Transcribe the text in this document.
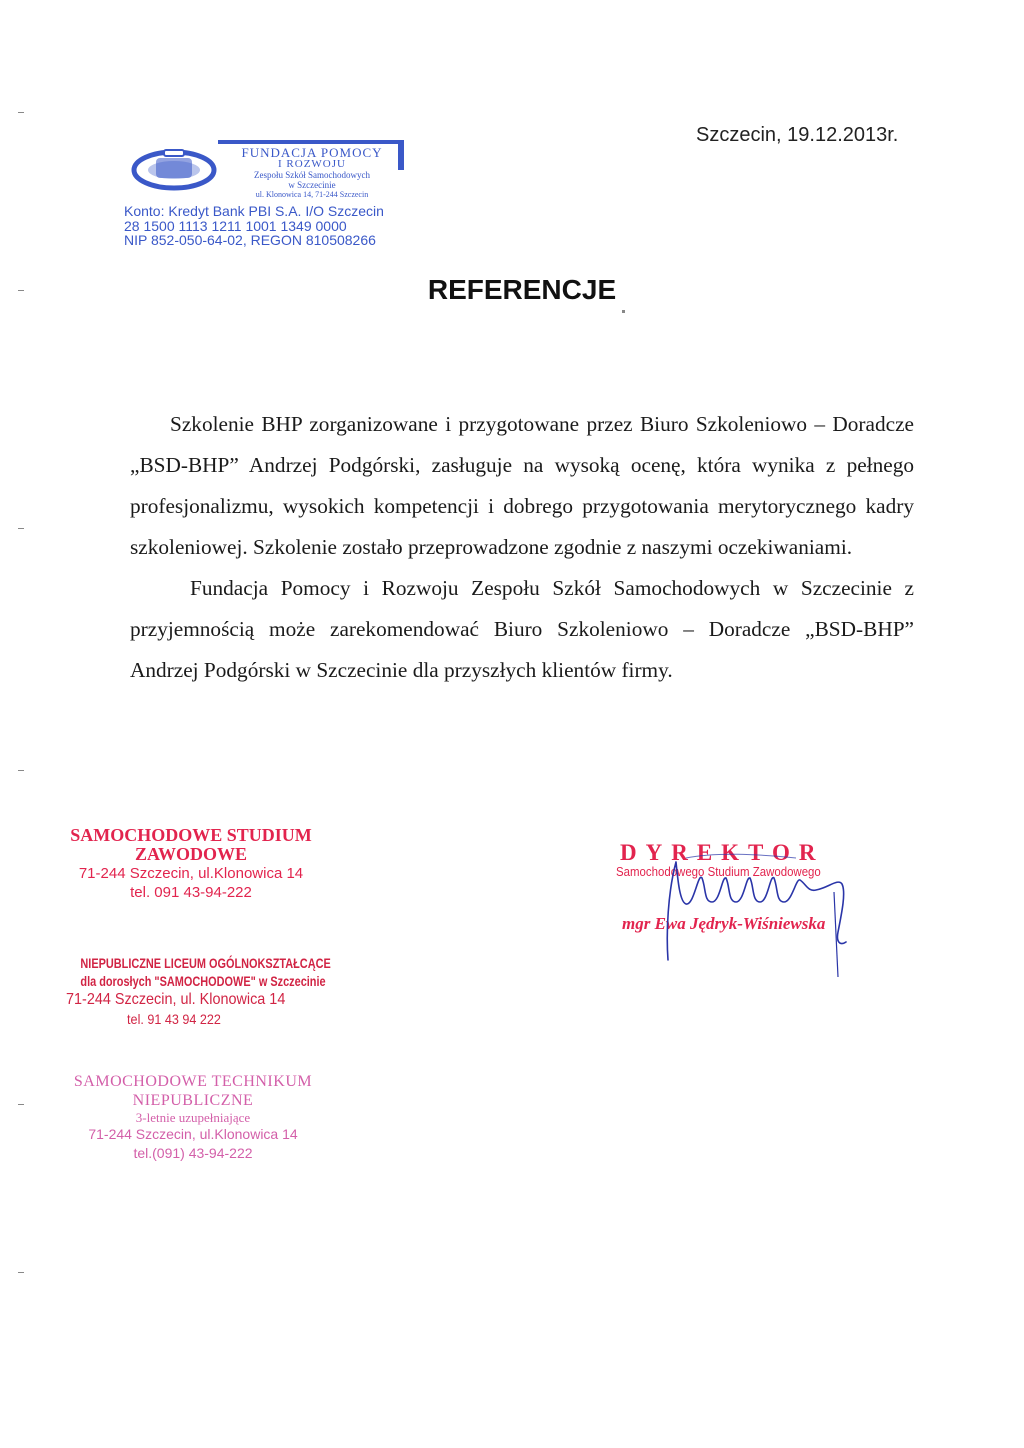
Szczecin, 19.12.2013r.
FUNDACJA POMOCY
I ROZWOJU
Zespołu Szkół Samochodowych
w Szczecinie
ul. Klonowica 14, 71-244 Szczecin
Konto: Kredyt Bank PBI S.A. I/O Szczecin
28 1500 1113 1211 1001 1349 0000
NIP 852-050-64-02, REGON 810508266
REFERENCJE

Szkolenie BHP zorganizowane i przygotowane przez Biuro Szkoleniowo – Doradcze „BSD-BHP” Andrzej Podgórski, zasługuje na wysoką ocenę, która wynika z pełnego profesjonalizmu, wysokich kompetencji i dobrego przygotowania merytorycznego kadry szkoleniowej. Szkolenie zostało przeprowadzone zgodnie z naszymi oczekiwaniami.

Fundacja Pomocy i Rozwoju Zespołu Szkół Samochodowych w Szczecinie z przyjemnością może zarekomendować Biuro Szkoleniowo – Doradcze „BSD-BHP” Andrzej Podgórski w Szczecinie dla przyszłych klientów firmy.

SAMOCHODOWE STUDIUM
ZAWODOWE
71-244 Szczecin, ul.Klonowica 14
tel. 091 43-94-222
NIEPUBLICZNE LICEUM OGÓLNOKSZTAŁCĄCE
dla dorosłych "SAMOCHODOWE" w Szczecinie
71-244 Szczecin, ul. Klonowica 14
tel. 91 43 94 222
SAMOCHODOWE TECHNIKUM
NIEPUBLICZNE
3-letnie uzupełniające
71-244 Szczecin, ul.Klonowica 14
tel.(091) 43-94-222
DYREKTOR
Samochodowego Studium Zawodowego
mgr Ewa Jędryk-Wiśniewska
